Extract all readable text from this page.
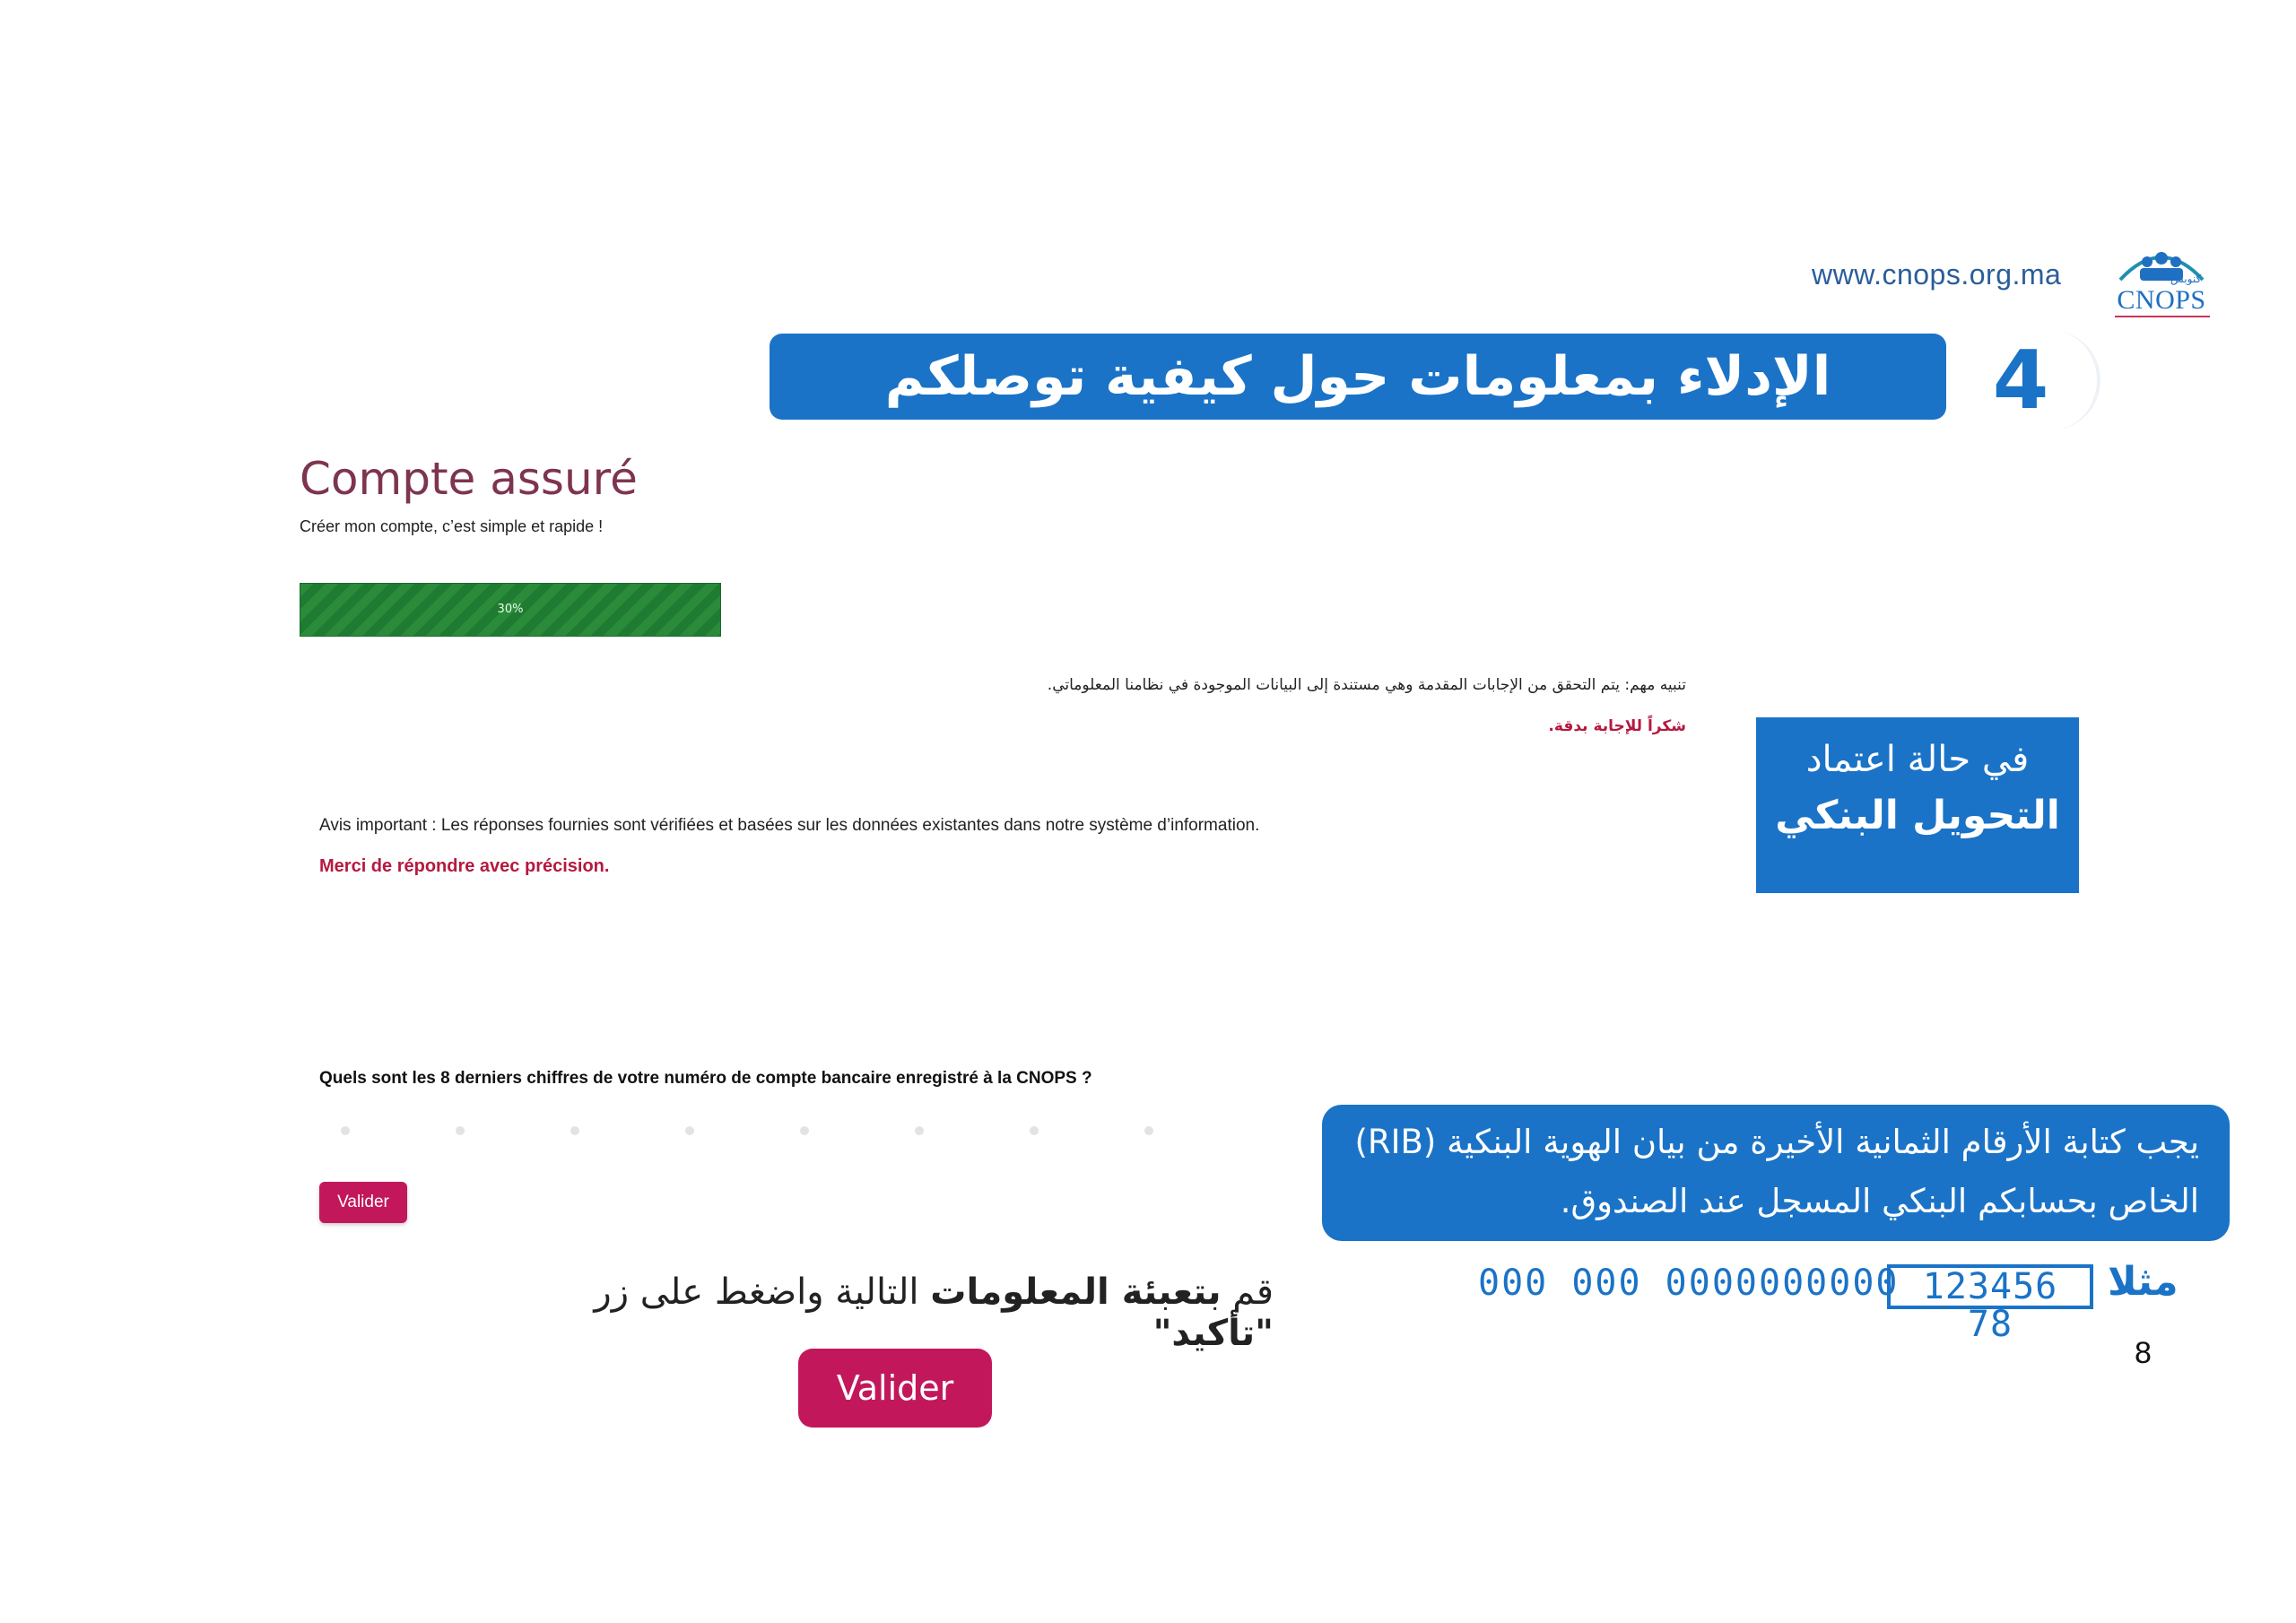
www.cnops.org.ma	كنوبس
CNOPS
4
الإدلاء بمعلومات حول كيفية توصلكم بالتعويضات
Compte assuré
Créer mon compte, c’est simple et rapide !
30%
تنبيه مهم: يتم التحقق من الإجابات المقدمة وهي مستندة إلى البيانات الموجودة في نظامنا المعلوماتي.
شكراً للإجابة بدقة.
Avis important : Les réponses fournies sont vérifiées et basées sur les données existantes dans notre système d’information.
Merci de répondre avec précision.
Quels sont les 8 derniers chiffres de votre numéro de compte bancaire enregistré à la CNOPS ?
Valider
في حالة اعتماد
التحويل البنكي
يجب كتابة الأرقام الثمانية الأخيرة من بيان الهوية البنكية (RIB)
الخاص بحسابكم البنكي المسجل عند الصندوق.
000 000 0000000000 123456 78
مثلا
8
قم بتعبئة المعلومات التالية واضغط على زر "تأكيد"
Valider
